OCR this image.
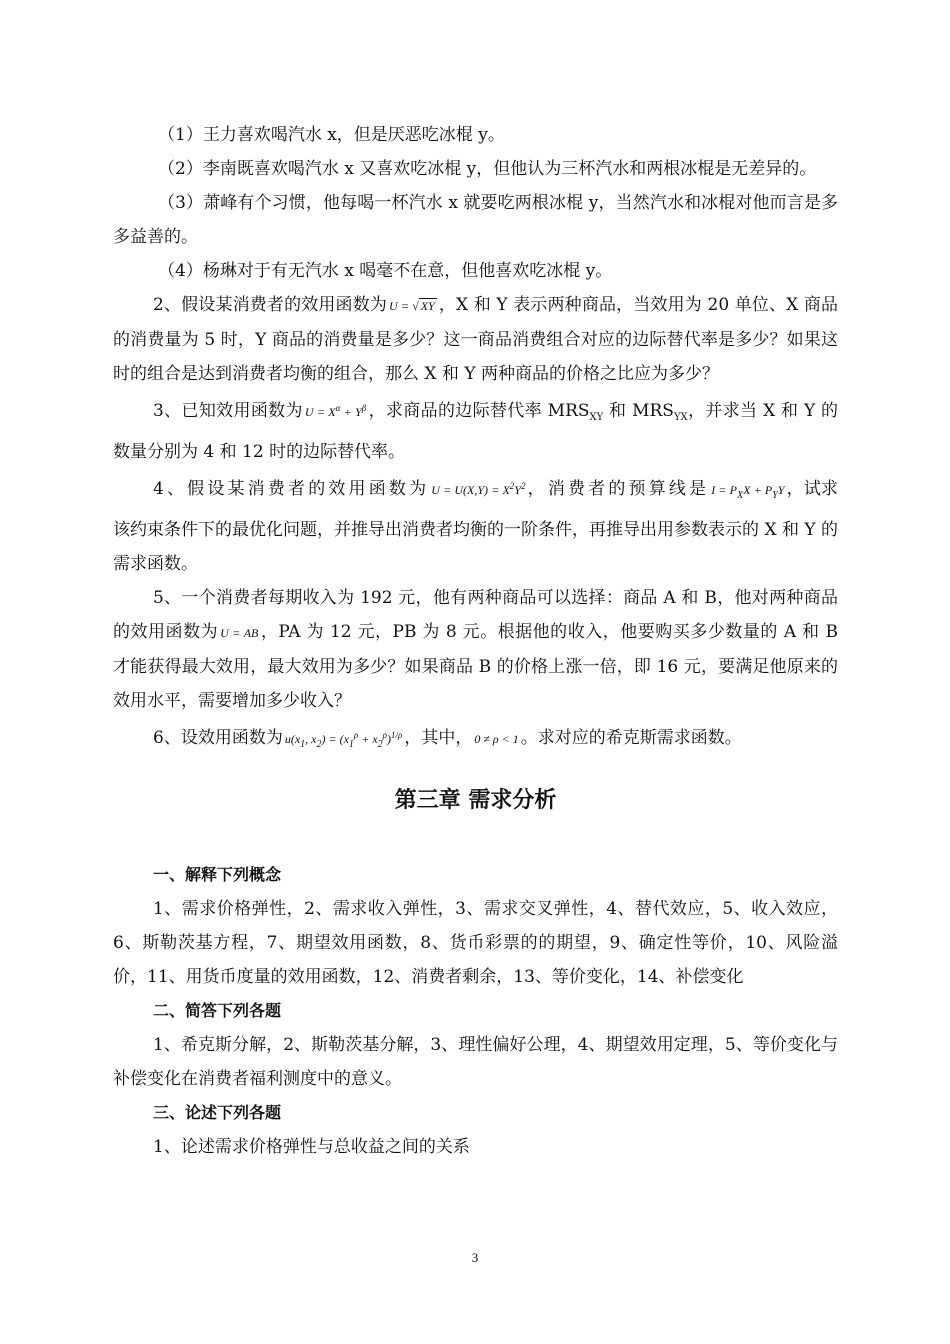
（1）王力喜欢喝汽水 x，但是厌恶吃冰棍 y。

（2）李南既喜欢喝汽水 x 又喜欢吃冰棍 y，但他认为三杯汽水和两根冰棍是无差异的。

（3）萧峰有个习惯，他每喝一杯汽水 x 就要吃两根冰棍 y，当然汽水和冰棍对他而言是多多益善的。

（4）杨琳对于有无汽水 x 喝毫不在意，但他喜欢吃冰棍 y。

2、假设某消费者的效用函数为 U = √ XY ，X 和 Y 表示两种商品，当效用为 20 单位、X 商品的消费量为 5 时，Y 商品的消费量是多少？这一商品消费组合对应的边际替代率是多少？如果这时的组合是达到消费者均衡的组合，那么 X 和 Y 两种商品的价格之比应为多少？

3、已知效用函数为 $U = X^\alpha + Y^\beta$ ，求商品的边际替代率 $MRS_{XY}$ 和 $MRS_{YX}$，并求当 X 和 Y 的数量分别为 4 和 12 时的边际替代率。

4、假设某消费者的效用函数为 $U = U(X,Y) = X^2Y^2$ ，消费者的预算线是 $I = P_XX + P_YY$ ，试求该约束条件下的最优化问题，并推导出消费者均衡的一阶条件，再推导出用参数表示的 X 和 Y 的需求函数。

5、一个消费者每期收入为 192 元，他有两种商品可以选择：商品 A 和 B，他对两种商品的效用函数为 U = AB ，PA 为 12 元，PB 为 8 元。根据他的收入，他要购买多少数量的 A 和 B 才能获得最大效用，最大效用为多少？如果商品 B 的价格上涨一倍，即 16 元，要满足他原来的效用水平，需要增加多少收入？

6、设效用函数为 $u(x_1$, $x_2) = (x_1^\rho + x_2^\rho)^{1/\rho}$ ，其中， 0 ≠ ρ < 1 。求对应的希克斯需求函数。

第三章 需求分析

一、解释下列概念

1、需求价格弹性，2、需求收入弹性，3、需求交叉弹性，4、替代效应，5、收入效应，6、斯勒茨基方程，7、期望效用函数，8、货币彩票的的期望，9、确定性等价，10、风险溢价，11、用货币度量的效用函数，12、消费者剩余，13、等价变化，14、补偿变化

二、简答下列各题

1、希克斯分解，2、斯勒茨基分解，3、理性偏好公理，4、期望效用定理，5、等价变化与补偿变化在消费者福利测度中的意义。

三、论述下列各题

1、论述需求价格弹性与总收益之间的关系

3
